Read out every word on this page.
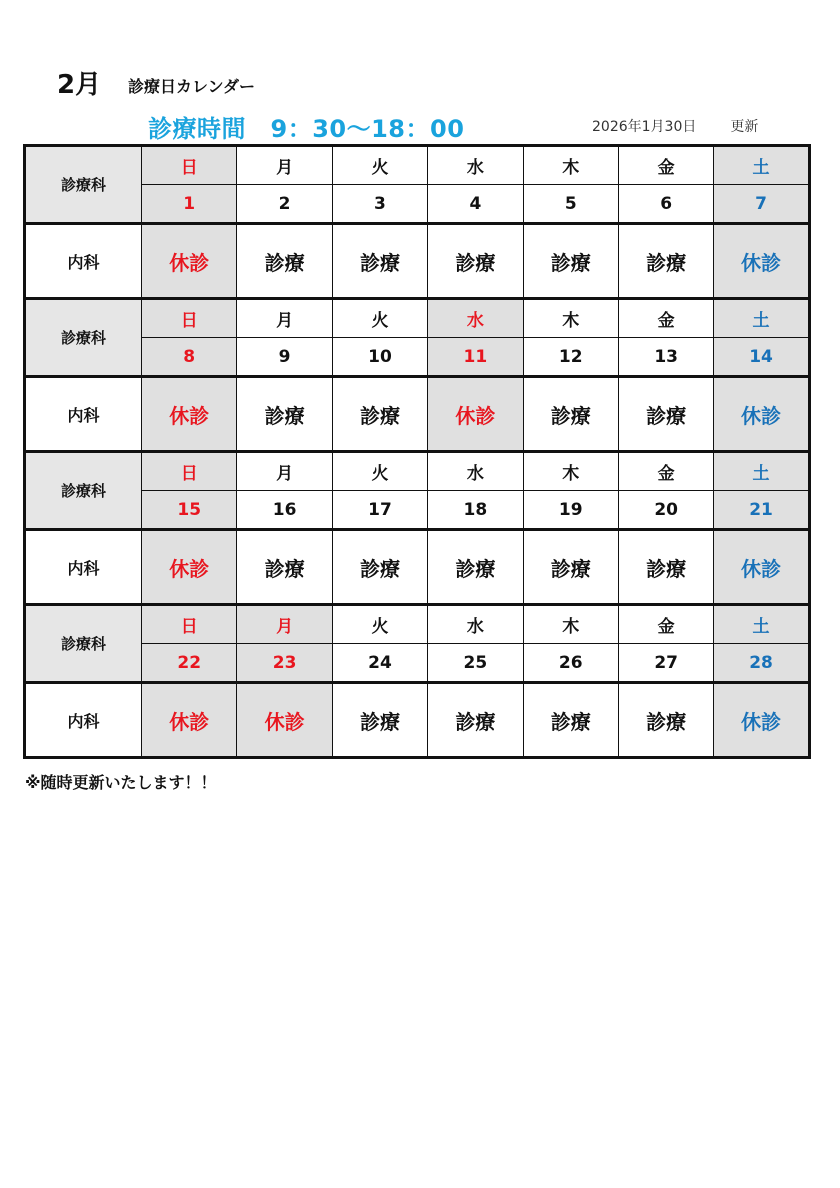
2月 診療日カレンダー
診療時間　9：30〜18：00	2026年1月30日 更新
診療科	日	月	火	水	木	金	土
	1	2	3	4	5	6	7
内科	休診	診療	診療	診療	診療	診療	休診
診療科	日	月	火	水	木	金	土
	8	9	10	11	12	13	14
内科	休診	診療	診療	休診	診療	診療	休診
診療科	日	月	火	水	木	金	土
	15	16	17	18	19	20	21
内科	休診	診療	診療	診療	診療	診療	休診
診療科	日	月	火	水	木	金	土
	22	23	24	25	26	27	28
内科	休診	休診	診療	診療	診療	診療	休診
※随時更新いたします！！
